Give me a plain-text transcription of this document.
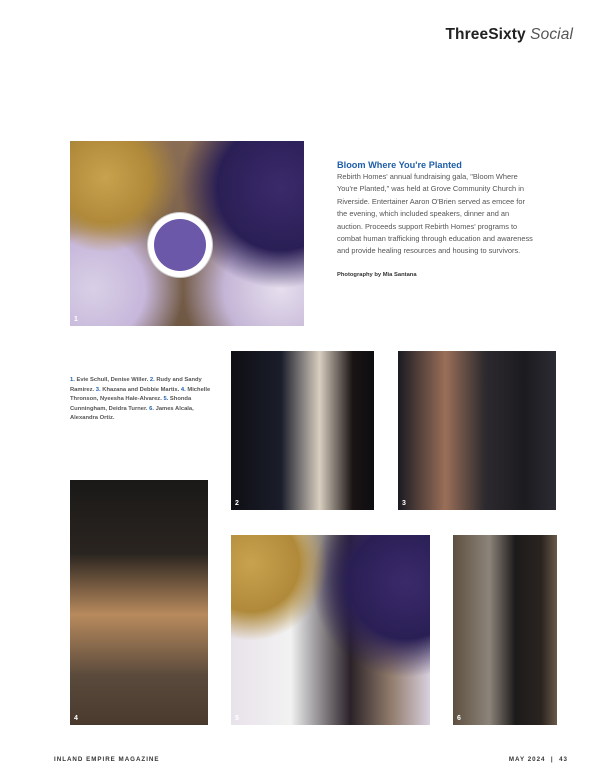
ThreeSixty Social
1
Bloom Where You're Planted

Rebirth Homes' annual fundraising gala, "Bloom Where You're Planted," was held at Grove Community Church in Riverside. Entertainer Aaron O'Brien served as emcee for the evening, which included speakers, dinner and an auction. Proceeds support Rebirth Homes' programs to combat human trafficking through education and awareness and provide healing resources and housing to survivors.

Photography by Mia Santana
1. Evie Schull, Denise Willer. 2. Rudy and Sandy Ramirez. 3. Khazana and Debbie Martis. 4. Michelle Thronson, Nyeesha Hale-Alvarez. 5. Shonda Cunningham, Deidra Turner. 6. James Alcala, Alexandra Ortiz.
2	3
4	5	6
INLAND EMPIRE MAGAZINE	MAY 2024 | 43
